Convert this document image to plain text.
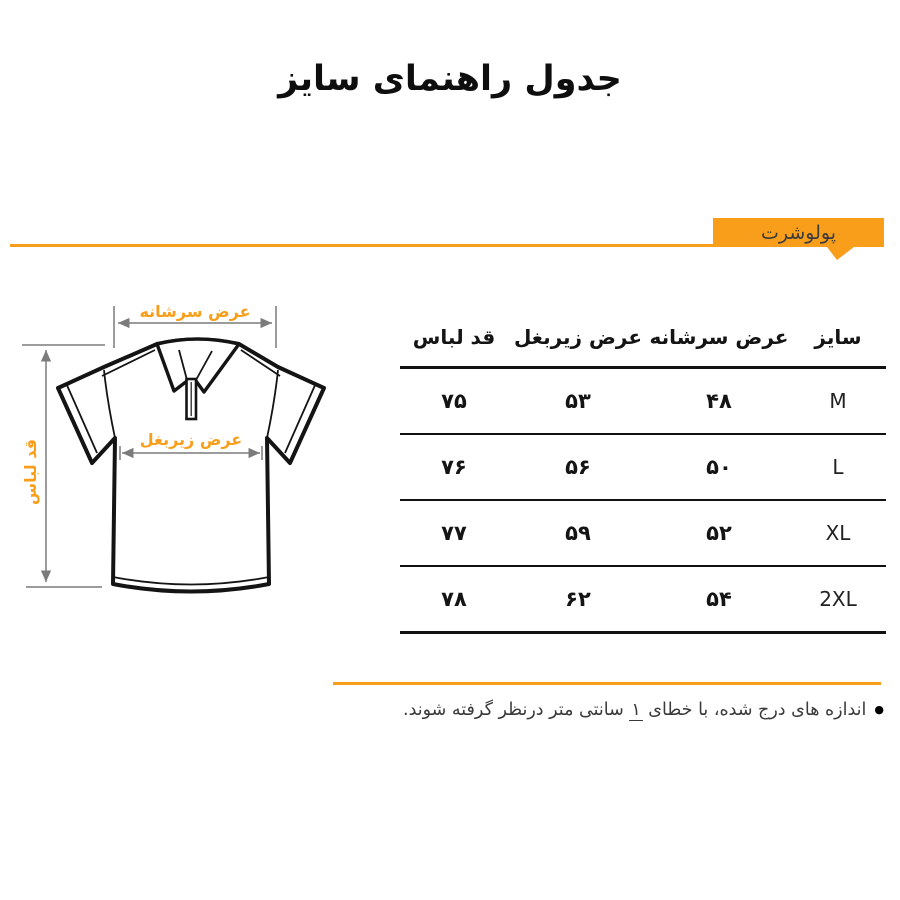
جدول راهنمای سایز
پولوشرت
عرض سرشانه
عرض زیربغل
قد لباس
سایز	عرض سرشانه	عرض زیربغل	قد لباس
M	۴۸	۵۳	۷۵
L	۵۰	۵۶	۷۶
XL	۵۲	۵۹	۷۷
2XL	۵۴	۶۲	۷۸
●اندازه های درج شده، با خطای ۱ سانتی متر درنظر گرفته شوند.
